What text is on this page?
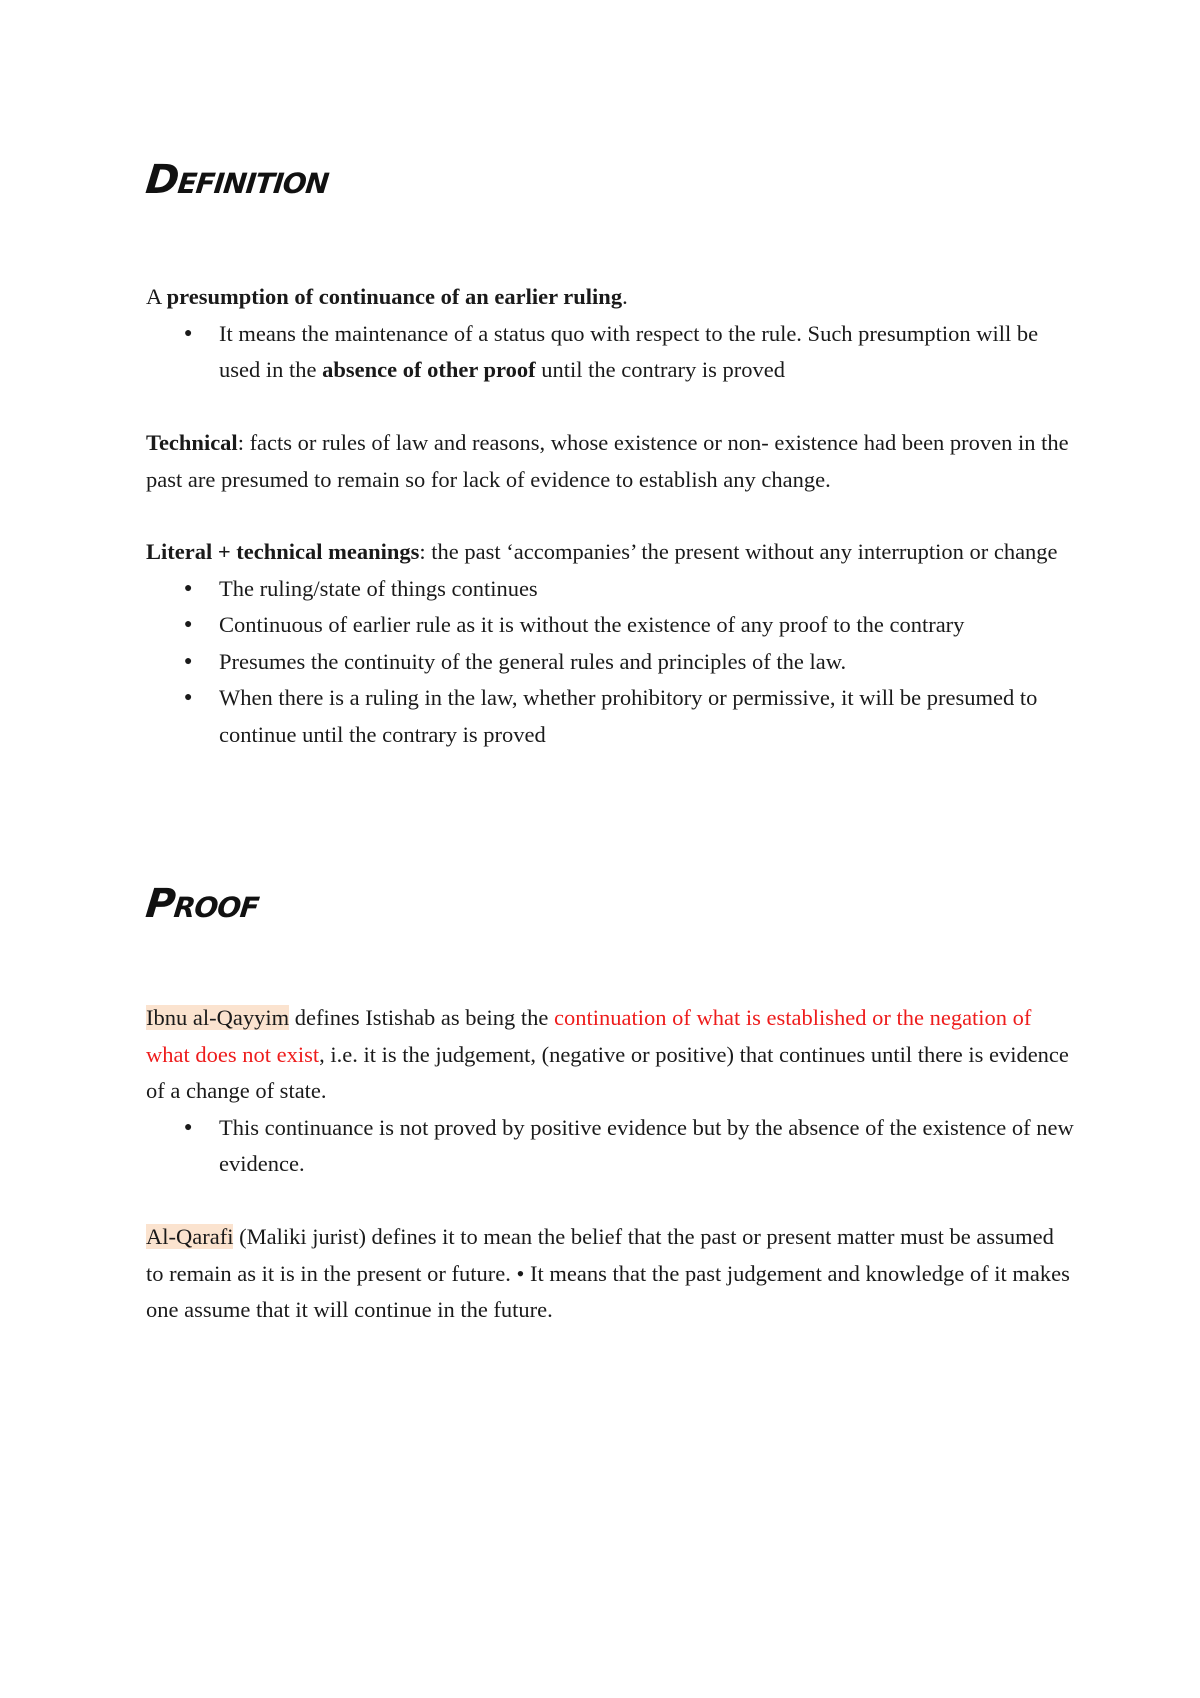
Definition

A presumption of continuance of an earlier ruling.

● It means the maintenance of a status quo with respect to the rule. Such presumption will be used in the absence of other proof until the contrary is proved

Technical: facts or rules of law and reasons, whose existence or non- existence had been proven in the past are presumed to remain so for lack of evidence to establish any change.

Literal + technical meanings: the past ‘accompanies’ the present without any interruption or change

● The ruling/state of things continues
● Continuous of earlier rule as it is without the existence of any proof to the contrary
● Presumes the continuity of the general rules and principles of the law.
● When there is a ruling in the law, whether prohibitory or permissive, it will be presumed to continue until the contrary is proved
Proof

Ibnu al-Qayyim defines Istishab as being the continuation of what is established or the negation of what does not exist, i.e. it is the judgement, (negative or positive) that continues until there is evidence of a change of state.

● This continuance is not proved by positive evidence but by the absence of the existence of new evidence.

Al-Qarafi (Maliki jurist) defines it to mean the belief that the past or present matter must be assumed to remain as it is in the present or future. • It means that the past judgement and knowledge of it makes one assume that it will continue in the future.
